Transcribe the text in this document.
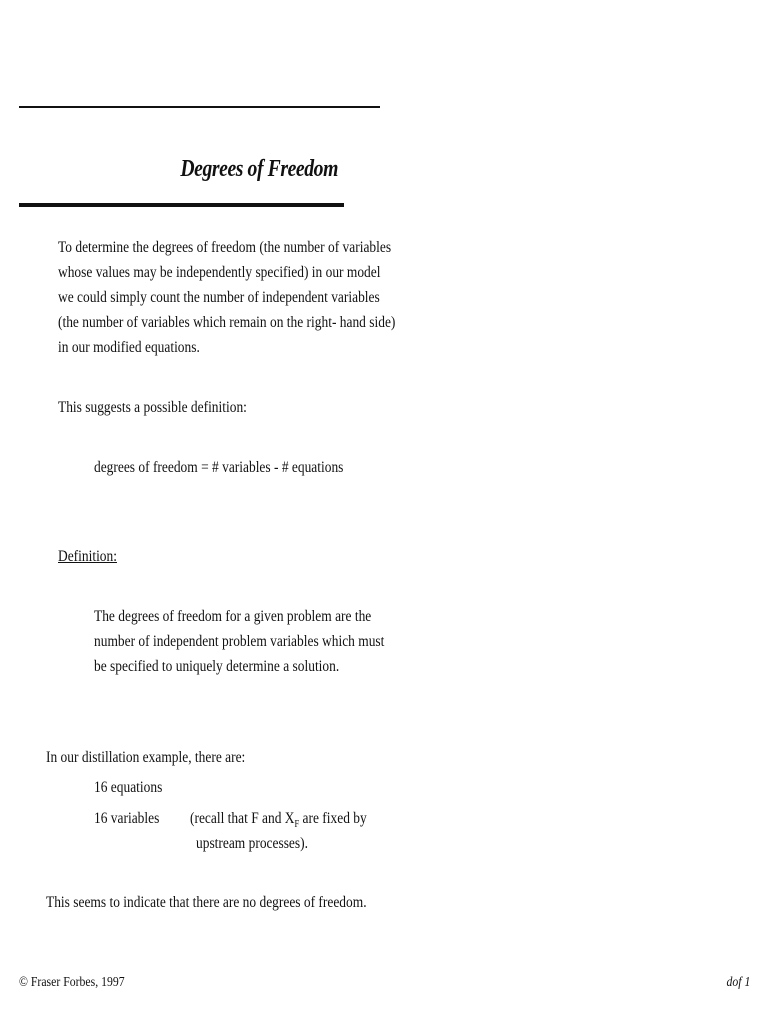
Degrees of Freedom
To determine the degrees of freedom (the number of variables
whose values may be independently specified) in our model
we could simply count the number of independent variables
(the number of variables which remain on the right- hand side)
in our modified equations.
This suggests a possible definition:
degrees of freedom = # variables - # equations
Definition:
The degrees of freedom for a given problem are the
number of independent problem variables which must
be specified to uniquely determine a solution.
In our distillation example, there are:
16 equations
16 variables (recall that F and $X_F$ are fixed by
upstream processes).
This seems to indicate that there are no degrees of freedom.
© Fraser Forbes, 1997	dof 1
